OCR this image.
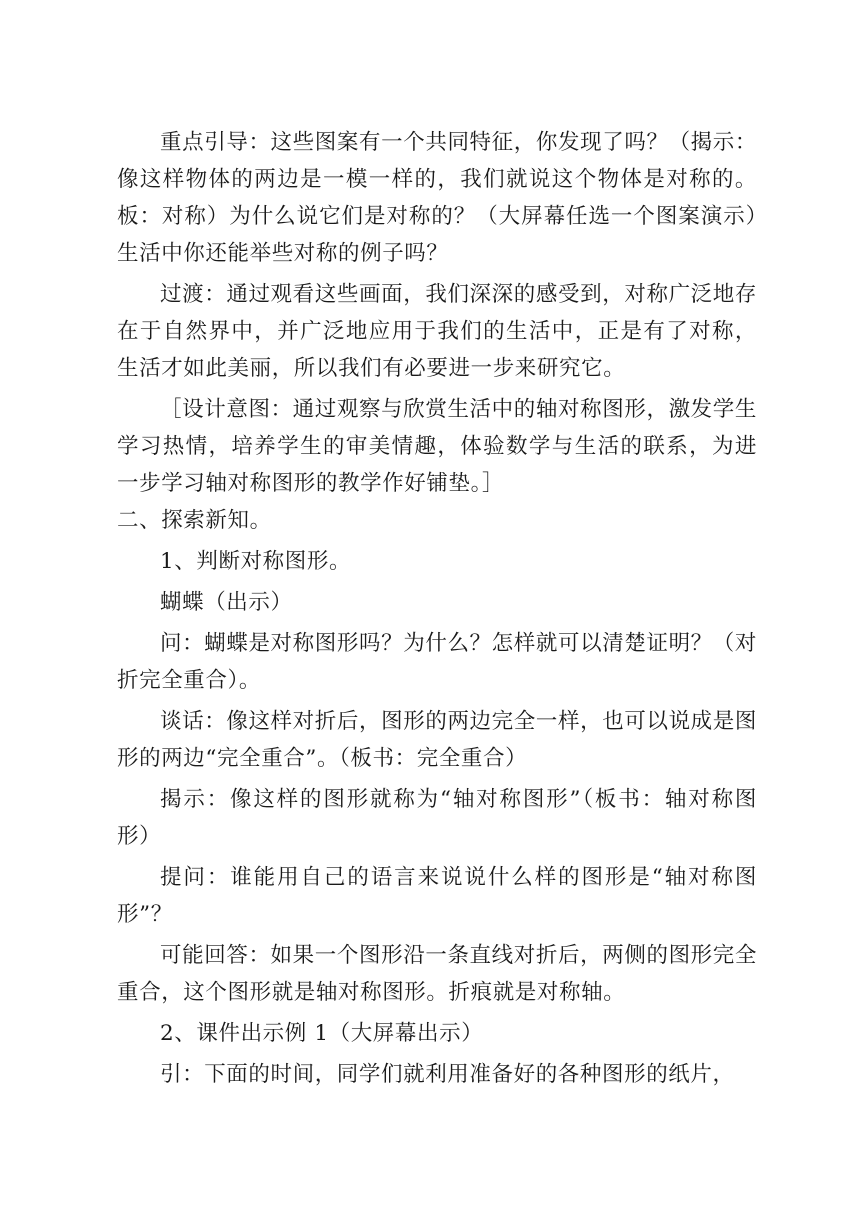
重点引导：这些图案有一个共同特征，你发现了吗？（揭示：像这样物体的两边是一模一样的，我们就说这个物体是对称的。板：对称）为什么说它们是对称的？（大屏幕任选一个图案演示）生活中你还能举些对称的例子吗？

过渡：通过观看这些画面，我们深深的感受到，对称广泛地存在于自然界中，并广泛地应用于我们的生活中，正是有了对称，生活才如此美丽，所以我们有必要进一步来研究它。

［设计意图：通过观察与欣赏生活中的轴对称图形，激发学生学习热情，培养学生的审美情趣，体验数学与生活的联系，为进一步学习轴对称图形的教学作好铺垫。］

二、探索新知。

1、判断对称图形。

蝴蝶（出示）

问：蝴蝶是对称图形吗？为什么？怎样就可以清楚证明？（对折完全重合）。

谈话：像这样对折后，图形的两边完全一样，也可以说成是图形的两边“完全重合”。（板书：完全重合）

揭示：像这样的图形就称为“轴对称图形”（板书：轴对称图形）

提问：谁能用自己的语言来说说什么样的图形是“轴对称图形”？

可能回答：如果一个图形沿一条直线对折后，两侧的图形完全重合，这个图形就是轴对称图形。折痕就是对称轴。

2、课件出示例 1（大屏幕出示）

引：下面的时间，同学们就利用准备好的各种图形的纸片，
